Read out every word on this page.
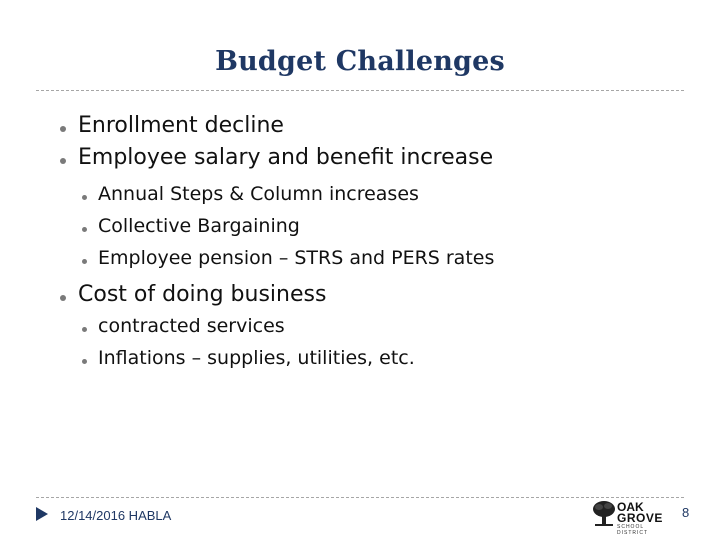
Budget Challenges
Enrollment decline
Employee salary and benefit increase
Annual Steps & Column increases
Collective Bargaining
Employee pension – STRS and PERS rates
Cost of doing business
contracted services
Inflations – supplies, utilities, etc.
12/14/2016 HABLA
OAK
GROVE
SCHOOL DISTRICT
8
